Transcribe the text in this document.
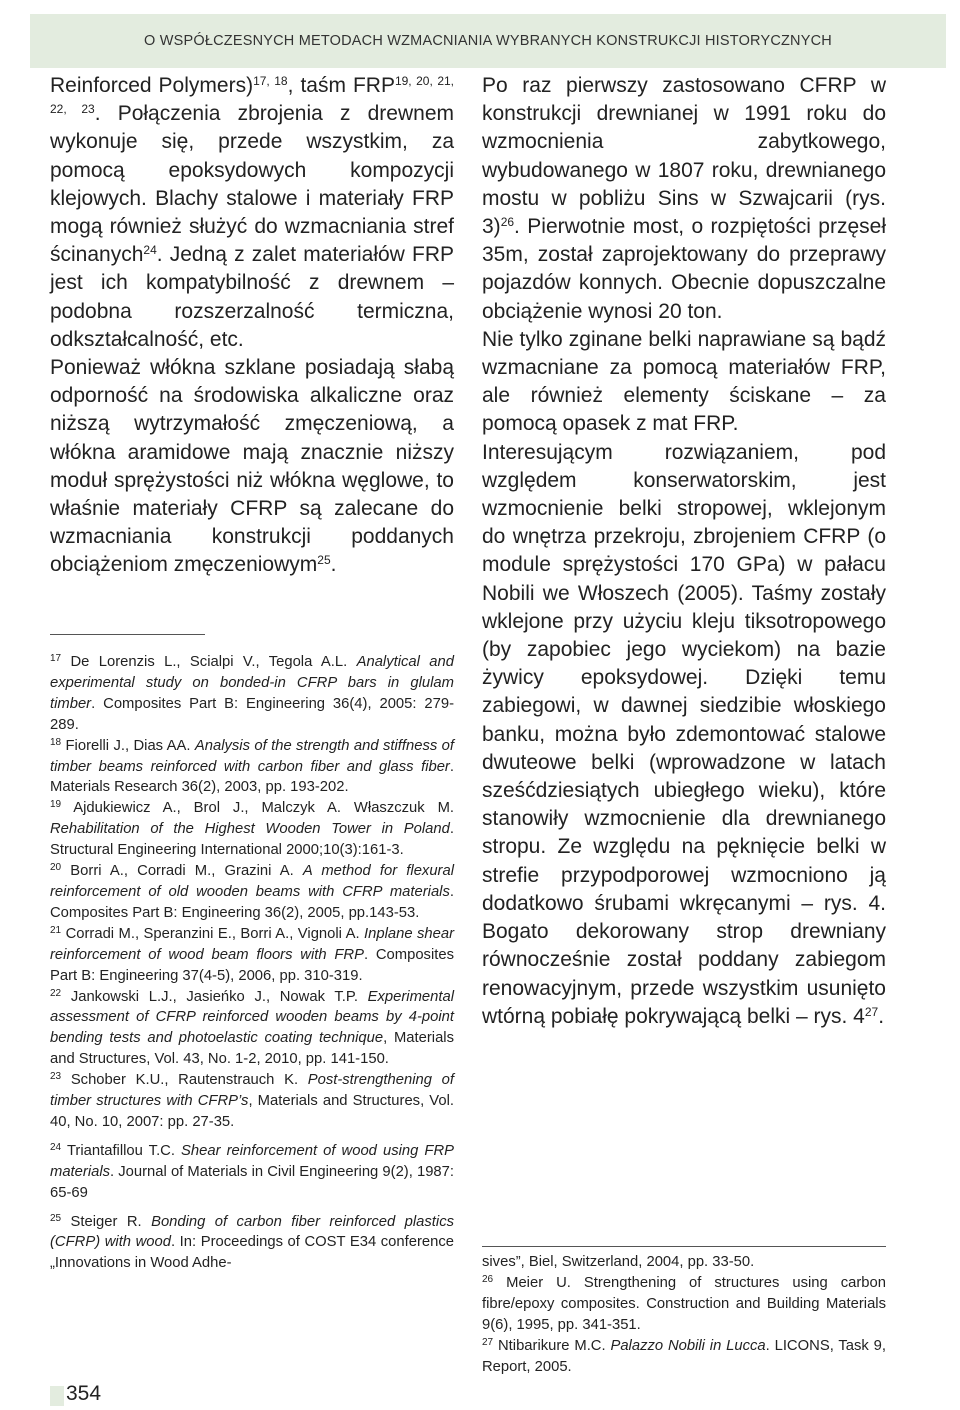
O WSPÓŁCZESNYCH METODACH WZMACNIANIA WYBRANYCH KONSTRUKCJI HISTORYCZNYCH

Reinforced Polymers)$^{17, 18}$, taśm FRP$^{19, 20, 21, 22, 23}$. Połączenia zbrojenia z drewnem wykonuje się, przede wszystkim, za pomocą epoksydowych kompozycji klejowych. Blachy stalowe i materiały FRP mogą również służyć do wzmacniania stref ścinanych$^{24}$. Jedną z zalet materiałów FRP jest ich kompatybilność z drewnem – podobna rozszerzalność termiczna, odkształcalność, etc.

Ponieważ włókna szklane posiadają słabą odporność na środowiska alkaliczne oraz niższą wytrzymałość zmęczeniową, a włókna aramidowe mają znacznie niższy moduł sprężystości niż włókna węglowe, to właśnie materiały CFRP są zalecane do wzmacniania konstrukcji poddanych obciążeniom zmęczeniowym$^{25}$.

$^{17}$ De Lorenzis L., Scialpi V., Tegola A.L. Analytical and experimental study on bonded-in CFRP bars in glulam timber. Composites Part B: Engineering 36(4), 2005: 279-289.

$^{18}$ Fiorelli J., Dias AA. Analysis of the strength and stiffness of timber beams reinforced with carbon fiber and glass fiber. Materials Research 36(2), 2003, pp. 193-202.

$^{19}$ Ajdukiewicz A., Brol J., Malczyk A. Właszczuk M. Rehabilitation of the Highest Wooden Tower in Poland. Structural Engineering International 2000;10(3):161-3.

$^{20}$ Borri A., Corradi M., Grazini A. A method for flexural reinforcement of old wooden beams with CFRP materials. Composites Part B: Engineering 36(2), 2005, pp.143-53.

$^{21}$ Corradi M., Speranzini E., Borri A., Vignoli A. Inplane shear reinforcement of wood beam floors with FRP. Composites Part B: Engineering 37(4-5), 2006, pp. 310-319.

$^{22}$ Jankowski L.J., Jasieńko J., Nowak T.P. Experimental assessment of CFRP reinforced wooden beams by 4-point bending tests and photoelastic coating technique, Materials and Structures, Vol. 43, No. 1-2, 2010, pp. 141-150.

$^{23}$ Schober K.U., Rautenstrauch K. Post-strengthening of timber structures with CFRP’s, Materials and Structures, Vol. 40, No. 10, 2007: pp. 27-35.

$^{24}$ Triantafillou T.C. Shear reinforcement of wood using FRP materials. Journal of Materials in Civil Engineering 9(2), 1987: 65-69

$^{25}$ Steiger R. Bonding of carbon fiber reinforced plastics (CFRP) with wood. In: Proceedings of COST E34 conference „Innovations in Wood Adhe-

Po raz pierwszy zastosowano CFRP w konstrukcji drewnianej w 1991 roku do wzmocnienia zabytkowego, wybudowanego w 1807 roku, drewnianego mostu w pobliżu Sins w Szwajcarii (rys. 3)$^{26}$. Pierwotnie most, o rozpiętości przęseł 35m, został zaprojektowany do przeprawy pojazdów konnych. Obecnie dopuszczalne obciążenie wynosi 20 ton.

Nie tylko zginane belki naprawiane są bądź wzmacniane za pomocą materiałów FRP, ale również elementy ściskane – za pomocą opasek z mat FRP.

Interesującym rozwiązaniem, pod względem konserwatorskim, jest wzmocnienie belki stropowej, wklejonym do wnętrza przekroju, zbrojeniem CFRP (o module sprężystości 170 GPa) w pałacu Nobili we Włoszech (2005). Taśmy zostały wklejone przy użyciu kleju tiksotropowego (by zapobiec jego wyciekom) na bazie żywicy epoksydowej. Dzięki temu zabiegowi, w dawnej siedzibie włoskiego banku, można było zdemontować stalowe dwuteowe belki (wprowadzone w latach sześćdziesiątych ubiegłego wieku), które stanowiły wzmocnienie dla drewnianego stropu. Ze względu na pęknięcie belki w strefie przypodporowej wzmocniono ją dodatkowo śrubami wkręcanymi – rys. 4. Bogato dekorowany strop drewniany równocześnie został poddany zabiegom renowacyjnym, przede wszystkim usunięto wtórną pobiałę pokrywającą belki – rys. $4^{27}$.

sives”, Biel, Switzerland, 2004, pp. 33-50.

$^{26}$ Meier U. Strengthening of structures using carbon fibre/epoxy composites. Construction and Building Materials 9(6), 1995, pp. 341-351.

$^{27}$ Ntibarikure M.C. Palazzo Nobili in Lucca. LICONS, Task 9, Report, 2005.

354
